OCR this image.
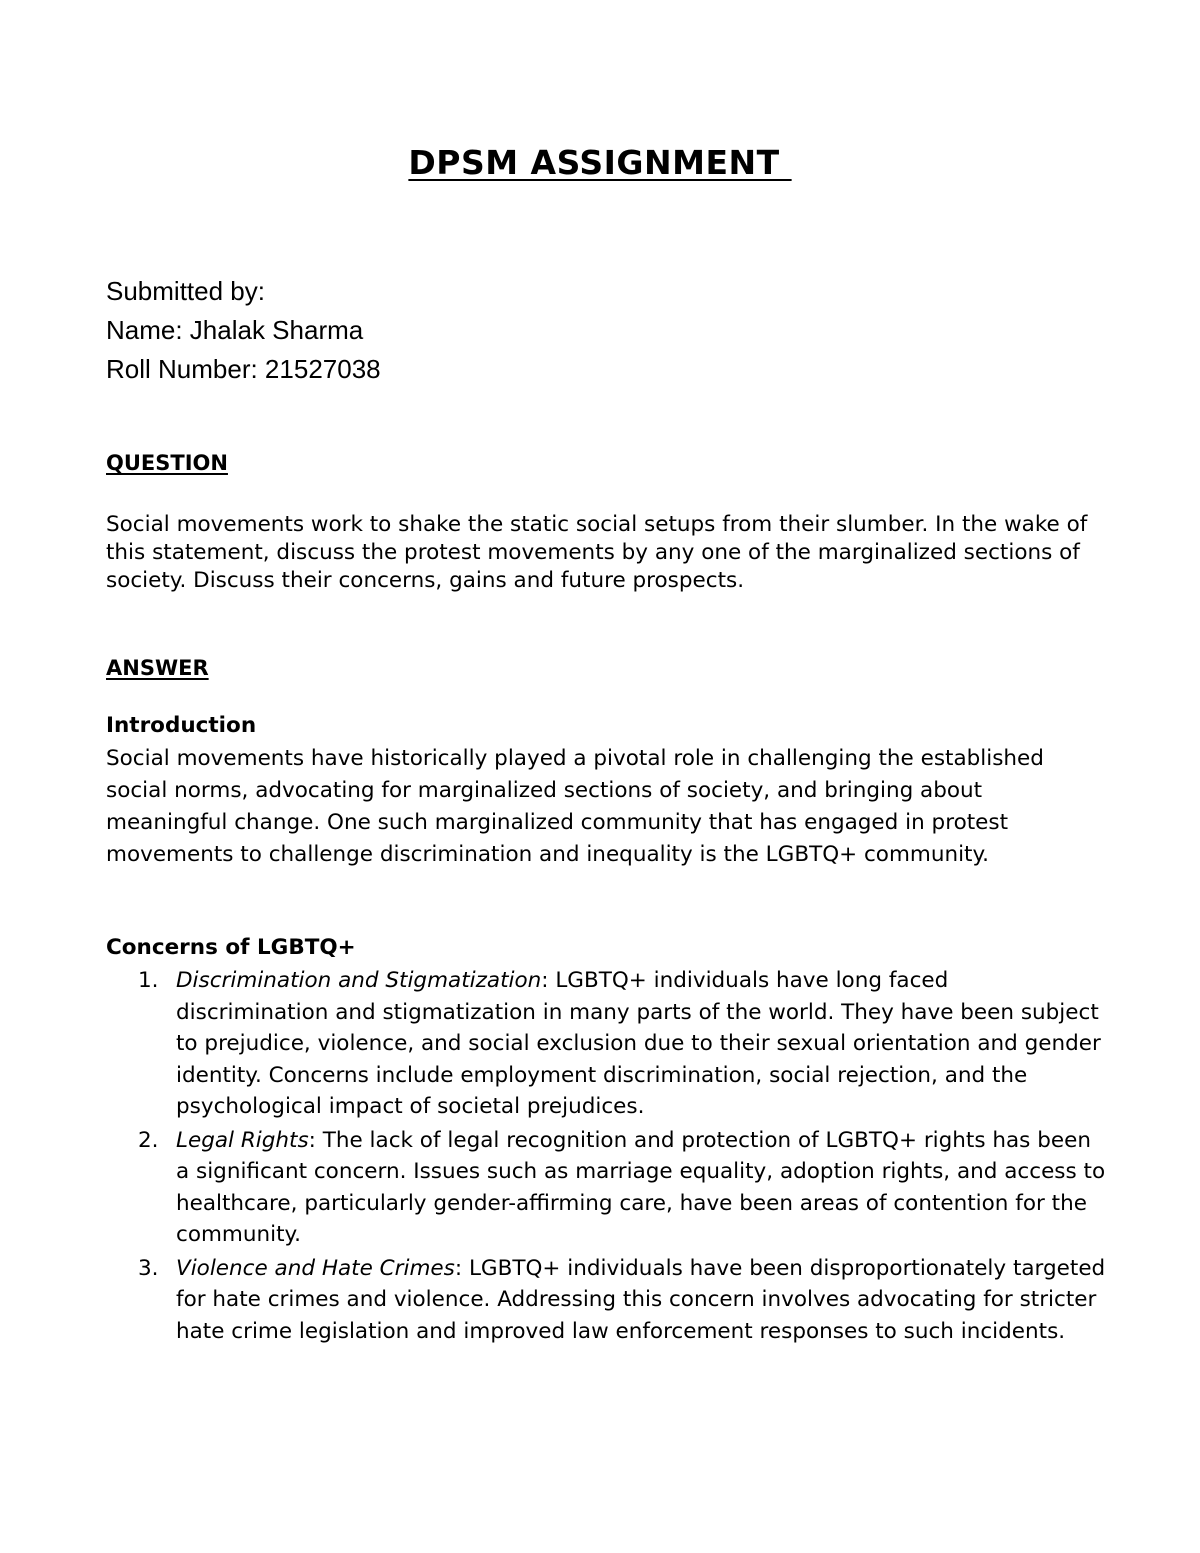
DPSM ASSIGNMENT
Submitted by:
Name: Jhalak Sharma
Roll Number: 21527038
QUESTION
Social movements work to shake the static social setups from their slumber. In the wake of this statement, discuss the protest movements by any one of the marginalized sections of society. Discuss their concerns, gains and future prospects.
ANSWER
Introduction
Social movements have historically played a pivotal role in challenging the established social norms, advocating for marginalized sections of society, and bringing about meaningful change. One such marginalized community that has engaged in protest movements to challenge discrimination and inequality is the LGBTQ+ community.
Concerns of LGBTQ+
1. Discrimination and Stigmatization: LGBTQ+ individuals have long faced discrimination and stigmatization in many parts of the world. They have been subject to prejudice, violence, and social exclusion due to their sexual orientation and gender identity. Concerns include employment discrimination, social rejection, and the psychological impact of societal prejudices.
2. Legal Rights: The lack of legal recognition and protection of LGBTQ+ rights has been a significant concern. Issues such as marriage equality, adoption rights, and access to healthcare, particularly gender-affirming care, have been areas of contention for the community.
3. Violence and Hate Crimes: LGBTQ+ individuals have been disproportionately targeted for hate crimes and violence. Addressing this concern involves advocating for stricter hate crime legislation and improved law enforcement responses to such incidents.
